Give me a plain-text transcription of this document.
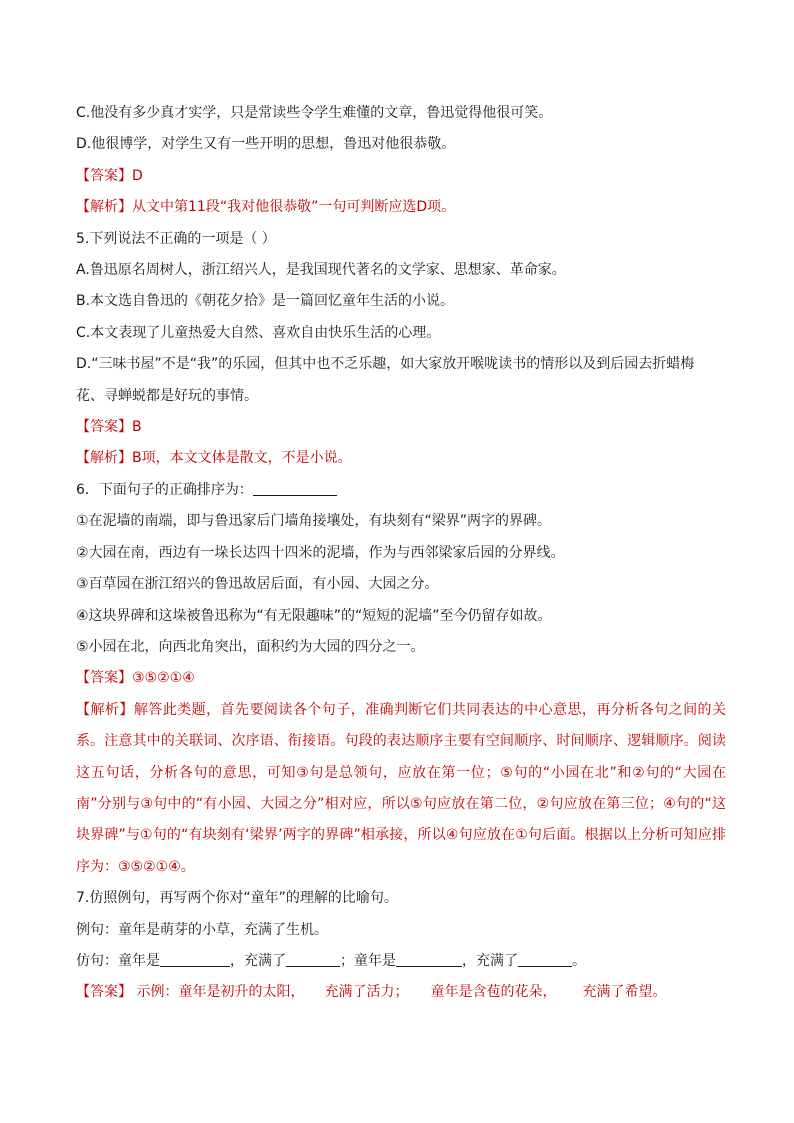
C.他没有多少真才实学，只是常读些令学生难懂的文章，鲁迅觉得他很可笑。

D.他很博学，对学生又有一些开明的思想，鲁迅对他很恭敬。

【答案】D

【解析】从文中第11段“我对他很恭敬”一句可判断应选D项。

5.下列说法不正确的一项是（ ）

A.鲁迅原名周树人，浙江绍兴人，是我国现代著名的文学家、思想家、革命家。

B.本文选自鲁迅的《朝花夕拾》是一篇回忆童年生活的小说。

C.本文表现了儿童热爱大自然、喜欢自由快乐生活的心理。

D.“三味书屋”不是“我”的乐园，但其中也不乏乐趣，如大家放开喉咙读书的情形以及到后园去折蜡梅

花、寻蝉蜕都是好玩的事情。

【答案】B

【解析】B项，本文文体是散文，不是小说。

6．下面句子的正确排序为：

①在泥墙的南端，即与鲁迅家后门墙角接壤处，有块刻有“梁界”两字的界碑。

②大园在南，西边有一垛长达四十四米的泥墙，作为与西邻梁家后园的分界线。

③百草园在浙江绍兴的鲁迅故居后面，有小园、大园之分。

④这块界碑和这垛被鲁迅称为“有无限趣味”的“短短的泥墙”至今仍留存如故。

⑤小园在北，向西北角突出，面积约为大园的四分之一。

【答案】③⑤②①④

【解析】解答此类题，首先要阅读各个句子，准确判断它们共同表达的中心意思，再分析各句之间的关系。注意其中的关联词、次序语、衔接语。句段的表达顺序主要有空间顺序、时间顺序、逻辑顺序。阅读这五句话，分析各句的意思，可知③句是总领句，应放在第一位；⑤句的“小园在北”和②句的“大园在南”分别与③句中的“有小园、大园之分”相对应，所以⑤句应放在第二位，②句应放在第三位；④句的“这块界碑”与①句的“有块刻有‘梁界’两字的界碑”相承接，所以④句应放在①句后面。根据以上分析可知应排序为：③⑤②①④。

7.仿照例句，再写两个你对“童年”的理解的比喻句。

例句：童年是萌芽的小草，充满了生机。

仿句：童年是	，充满了	；童年是	，充满了	。

【答案】 示例：童年是初升的太阳， 充满了活力； 童年是含苞的花朵， 充满了希望。
